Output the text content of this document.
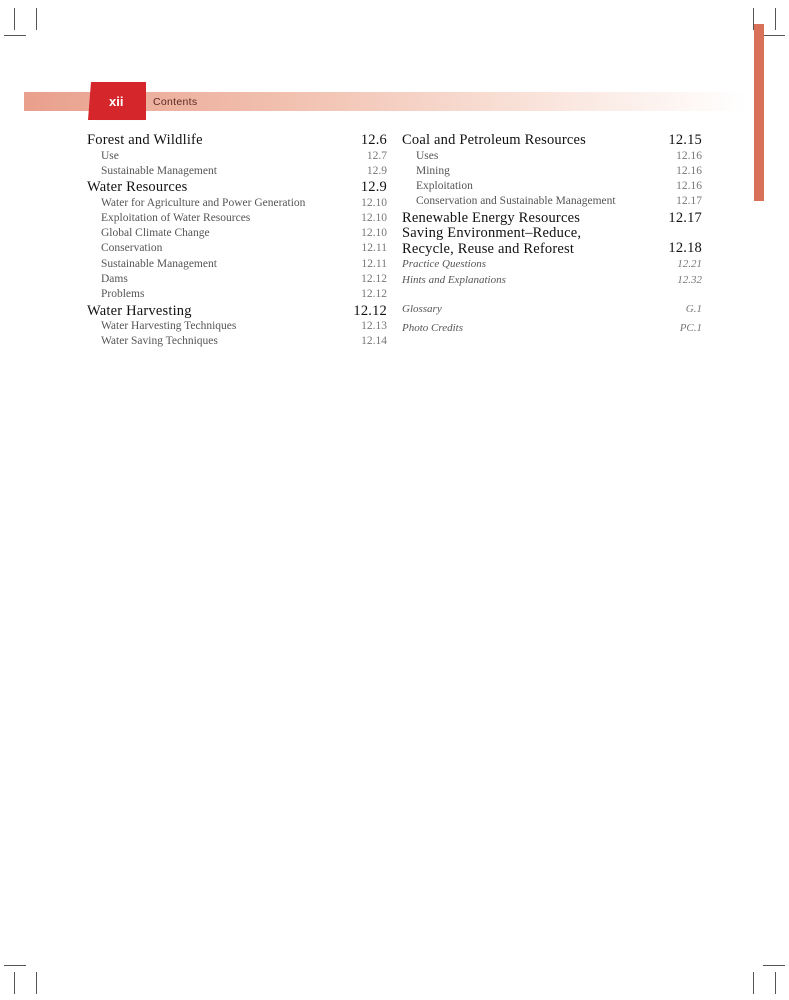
xii	Contents
Forest and Wildlife	12.6
Use	12.7
Sustainable Management	12.9
Water Resources	12.9
Water for Agriculture and Power Generation	12.10
Exploitation of Water Resources	12.10
Global Climate Change	12.10
Conservation	12.11
Sustainable Management	12.11
Dams	12.12
Problems	12.12
Water Harvesting	12.12
Water Harvesting Techniques	12.13
Water Saving Techniques	12.14
Coal and Petroleum Resources	12.15
Uses	12.16
Mining	12.16
Exploitation	12.16
Conservation and Sustainable Management	12.17
Renewable Energy Resources	12.17
Saving Environment–Reduce,
Recycle, Reuse and Reforest	12.18
Practice Questions	12.21
Hints and Explanations	12.32
Glossary	G.1
Photo Credits	PC.1
